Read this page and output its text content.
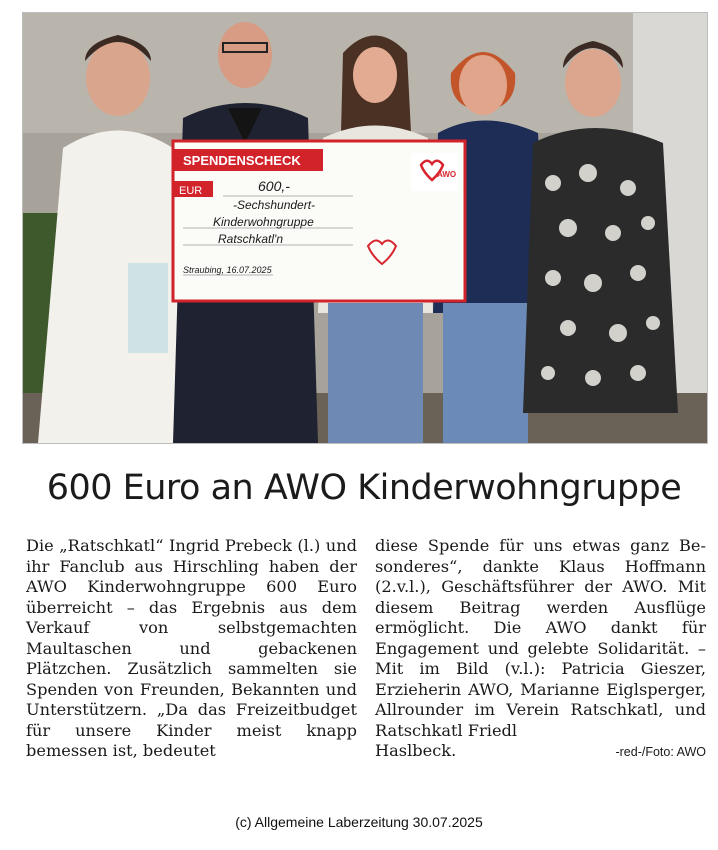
SPENDENSCHECK
EUR	600,-
-Sechshundert-
Kinderwohngruppe
Ratschkatl'n
Straubing, 16.07.2025
AWO
600 Euro an AWO Kinderwohngruppe

Die „Ratschkatl“ Ingrid Prebeck (l.) und ihr Fanclub aus Hirschling haben der AWO Kinderwohngruppe 600 Euro überreicht – das Ergebnis aus dem Verkauf von selbstgemachten Maultaschen und gebackenen Plätzchen. Zusätzlich sammelten sie Spenden von Freunden, Bekannten und Unterstützern. „Da das Freizeitbudget für unsere Kinder meist knapp bemessen ist, bedeutet

diese Spende für uns etwas ganz Besonderes“, dankte Klaus Hoffmann (2.v.l.), Geschäftsführer der AWO. Mit diesem Beitrag werden Ausflüge ermöglicht. Die AWO dankt für Engagement und gelebte Solidarität. – Mit im Bild (v.l.): Patricia Gieszer, Erzieherin AWO, Marianne Eiglsperger, Allrounder im Verein Ratschkatl, und Ratschkatl Friedl

Haslbeck.	-red-/Foto: AWO
(c) Allgemeine Laberzeitung 30.07.2025
